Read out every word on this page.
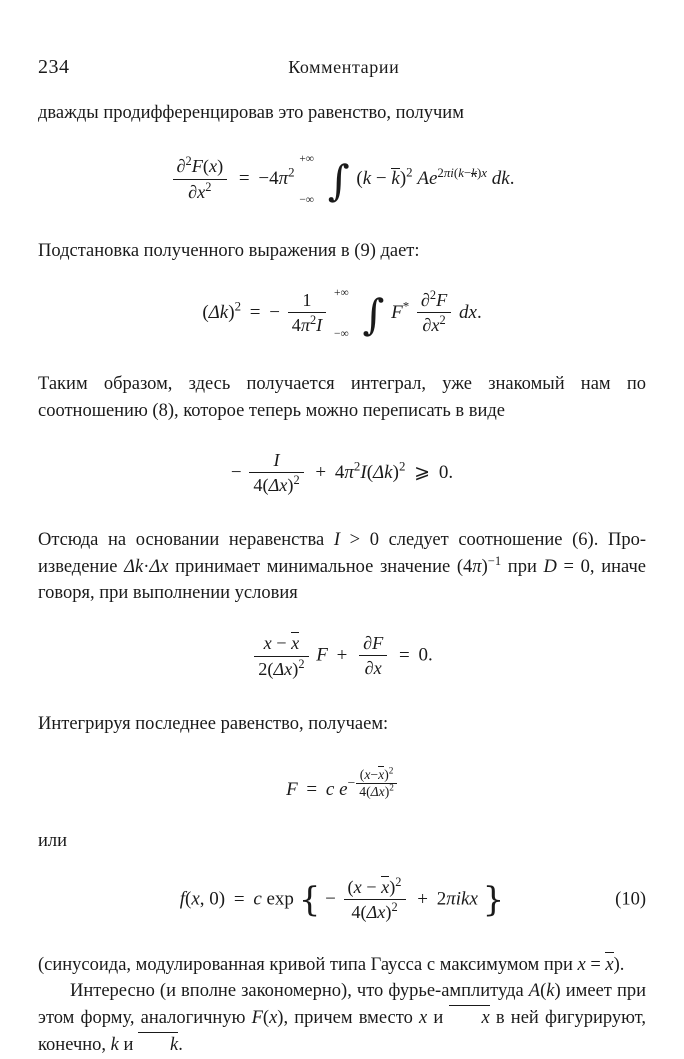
234	Комментарии

дважды продифференцировав это равенство, получим

$\frac{\partial^2F(x)}{\partial x^2} = -4\pi^2$
+∞
−∞ ∫ $(k - k)^2$ $Ae^{2\pi i(k-k)x}$ dk.

Подстановка полученного выражения в (9) дает:

$(\Delta k)^2$ = − $\frac{1}{4\pi^2I}$
+∞
−∞ ∫ $F^* \frac{\partial^2F}{\partial x^2}$ dx.

Таким образом, здесь получается интеграл, уже знакомый нам по соотношению (8), которое теперь можно переписать в виде

− $\frac{I}{4(\Delta x)^2} + 4\pi^2I(\Delta k)^2$ ⩾ 0.

Отсюда на основании неравенства I > 0 следует соотношение (6). Про-изведение Δk·Δx принимает минимальное значение $(4\pi)^{-1}$ при D = 0, иначе говоря, при выполнении условия

$\frac{x - x}{2(\Delta x)^2}$ $F + \frac{\partial F}{\partial x} = 0$.

Интегрируя последнее равенство, получаем:

F = c $e- \frac{(x-x)^2}{4(\Delta x)^2}$

или

f(x, 0) = c exp { − $\frac{(x - x)^2}{4(\Delta x)^2} + 2\pi ikx$ }	(10)

(синусоида, модулированная кривой типа Гаусса с максимумом при x = x).

Интересно (и вполне закономерно), что фурье-амплитуда A(k) имеет при этом форму, аналогичную F(x), причем вместо x и x в ней фигурируют, конечно, k и k.
